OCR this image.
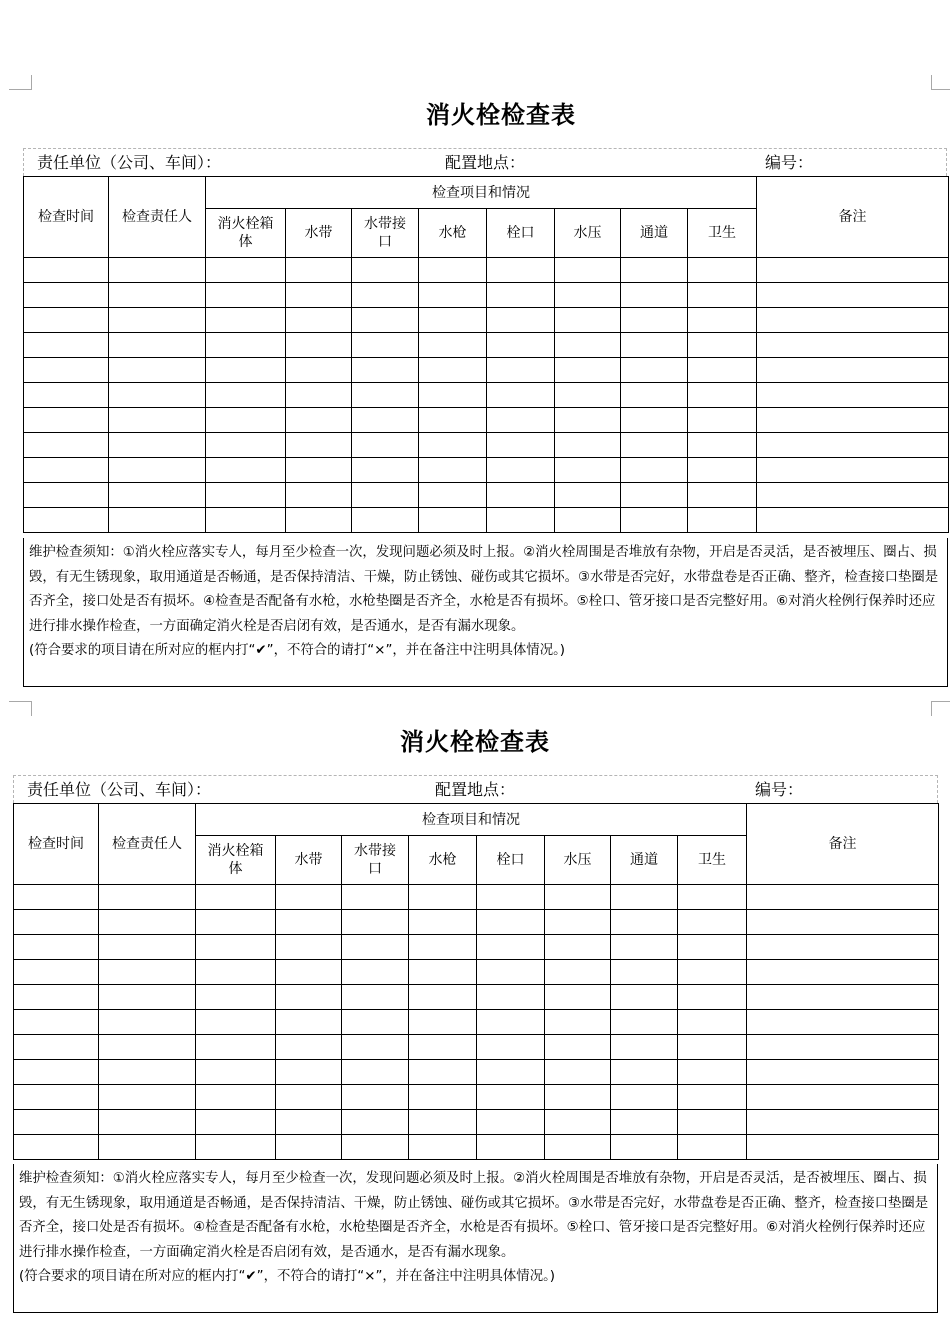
消火栓检查表
责任单位（公司、车间）：	配置地点：	编号：
检查时间	检查责任人	检查项目和情况								备注
		消火栓箱体	水带	水带接口	水枪	栓口	水压	通道	卫生	

维护检查须知：①消火栓应落实专人，每月至少检查一次，发现问题必须及时上报。②消火栓周围是否堆放有杂物，开启是否灵活，是否被埋压、圈占、损毁，有无生锈现象，取用通道是否畅通，是否保持清洁、干燥，防止锈蚀、碰伤或其它损坏。③水带是否完好，水带盘卷是否正确、整齐，检查接口垫圈是否齐全，接口处是否有损坏。④检查是否配备有水枪，水枪垫圈是否齐全，水枪是否有损坏。⑤栓口、管牙接口是否完整好用。⑥对消火栓例行保养时还应进行排水操作检查，一方面确定消火栓是否启闭有效，是否通水，是否有漏水现象。

(符合要求的项目请在所对应的框内打“✔”，不符合的请打“×”，并在备注中注明具体情况。)

消火栓检查表
责任单位（公司、车间）：	配置地点：	编号：
检查时间	检查责任人	检查项目和情况								备注
		消火栓箱体	水带	水带接口	水枪	栓口	水压	通道	卫生	

维护检查须知：①消火栓应落实专人，每月至少检查一次，发现问题必须及时上报。②消火栓周围是否堆放有杂物，开启是否灵活，是否被埋压、圈占、损毁，有无生锈现象，取用通道是否畅通，是否保持清洁、干燥，防止锈蚀、碰伤或其它损坏。③水带是否完好，水带盘卷是否正确、整齐，检查接口垫圈是否齐全，接口处是否有损坏。④检查是否配备有水枪，水枪垫圈是否齐全，水枪是否有损坏。⑤栓口、管牙接口是否完整好用。⑥对消火栓例行保养时还应进行排水操作检查，一方面确定消火栓是否启闭有效，是否通水，是否有漏水现象。

(符合要求的项目请在所对应的框内打“✔”，不符合的请打“×”，并在备注中注明具体情况。)
